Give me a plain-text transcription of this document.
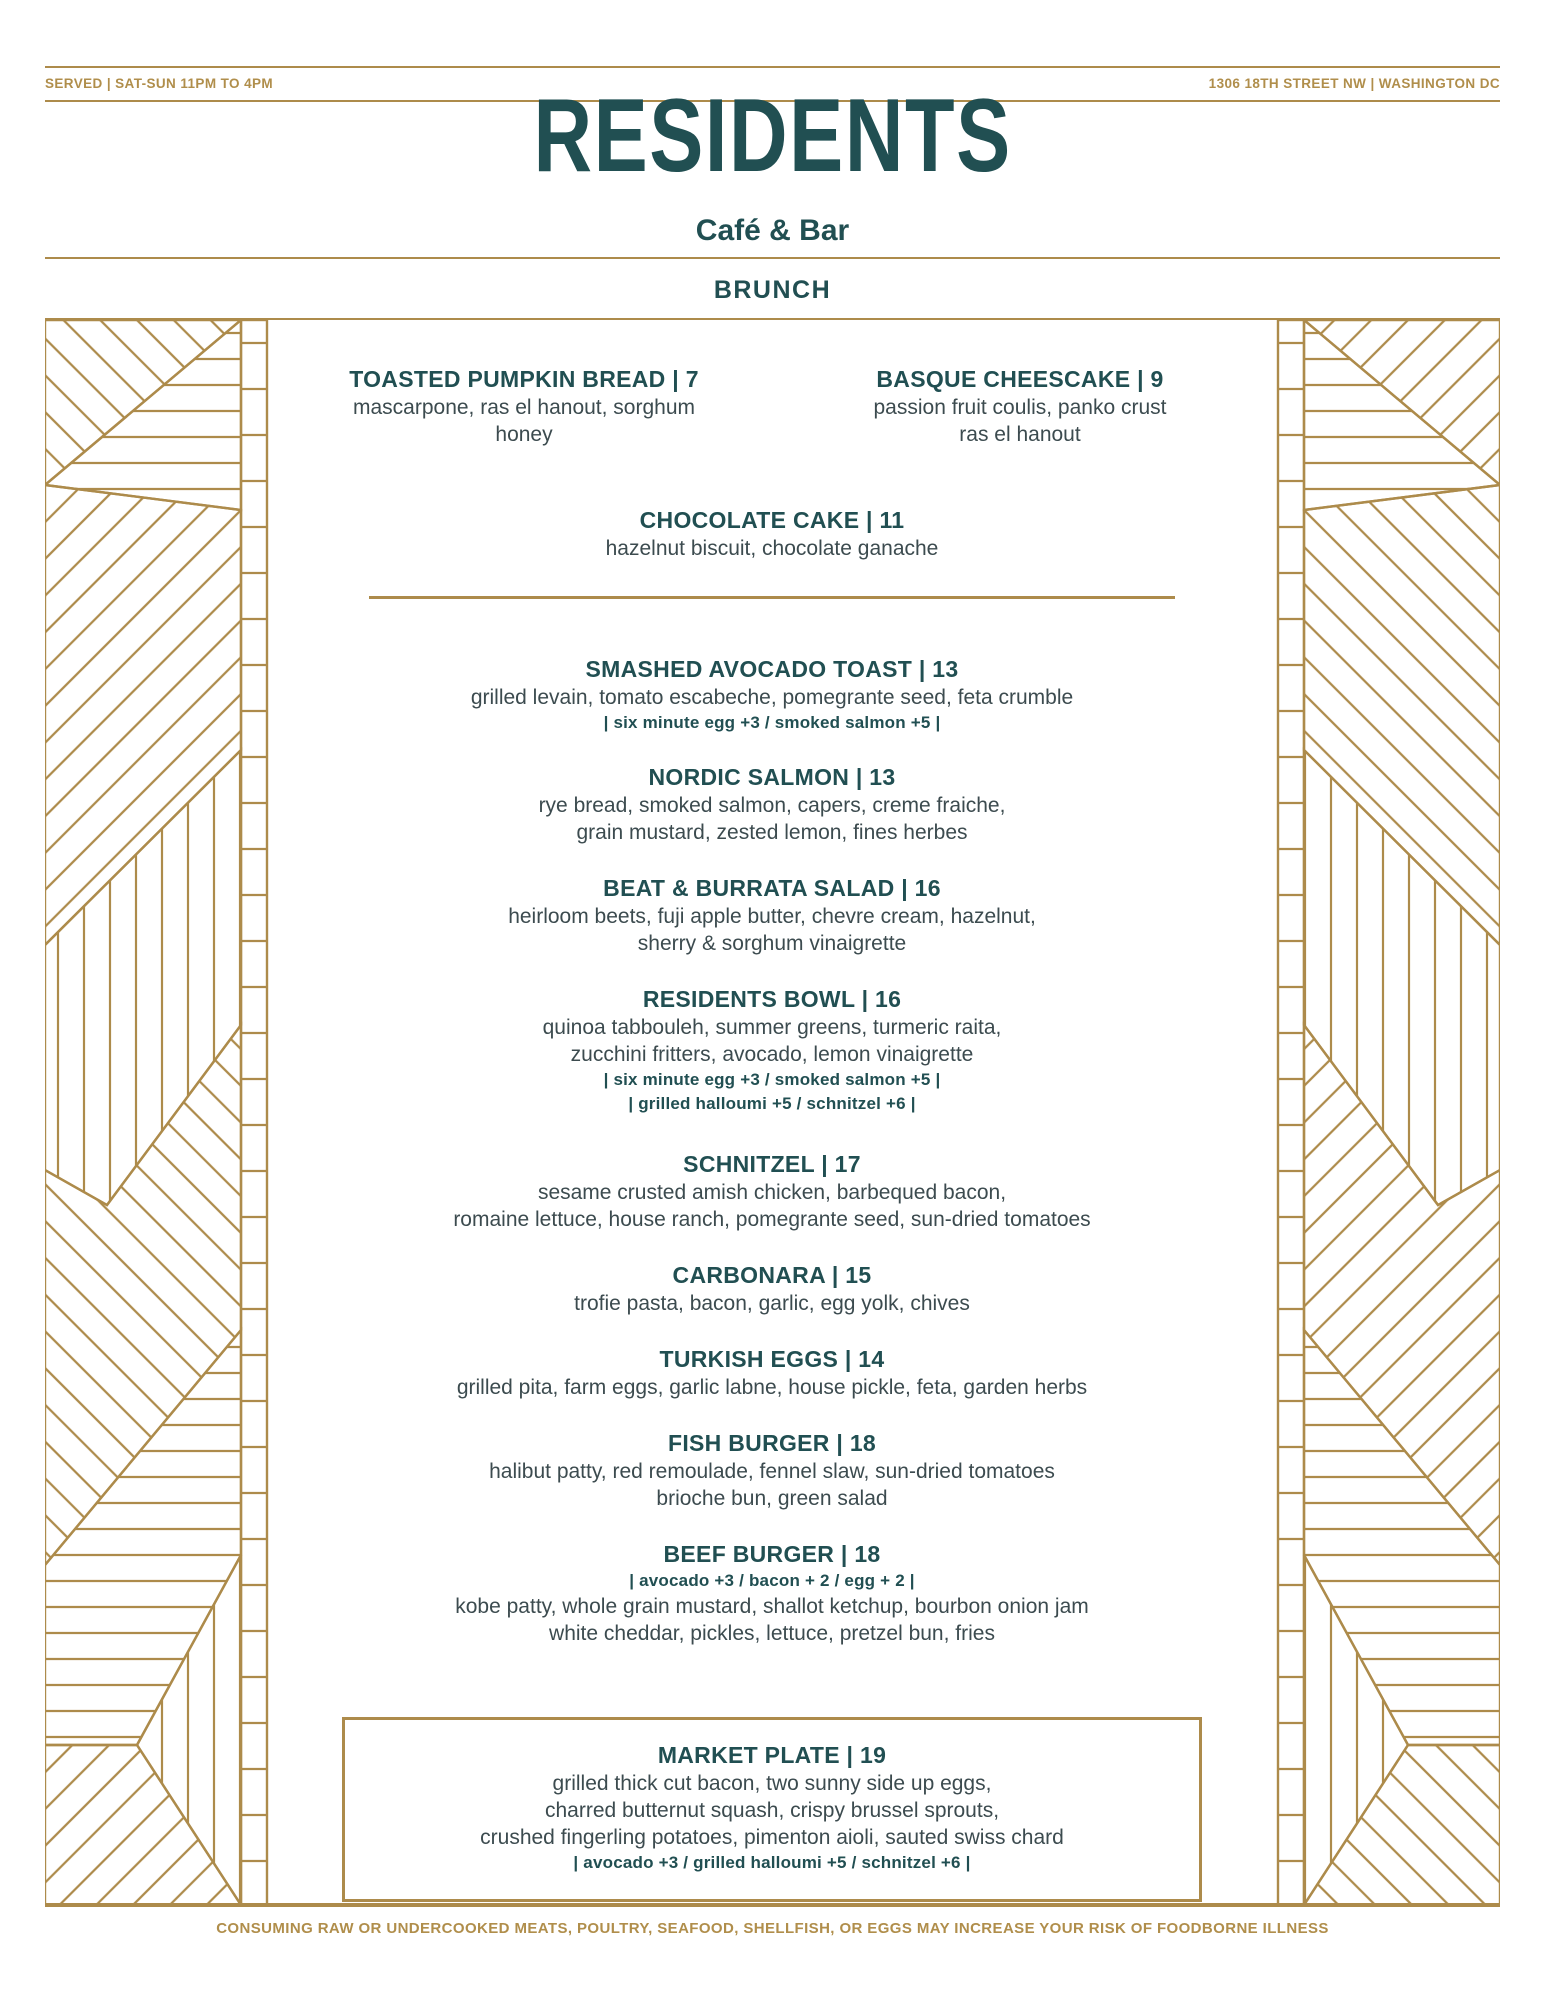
SERVED | SAT-SUN 11PM TO 4PM	1306 18TH STREET NW | WASHINGTON DC
RESIDENTS
Café & Bar
BRUNCH
TOASTED PUMPKIN BREAD | 7
mascarpone, ras el hanout, sorghum
honey
BASQUE CHEESCAKE | 9
passion fruit coulis, panko crust
ras el hanout
CHOCOLATE CAKE | 11
hazelnut biscuit, chocolate ganache
SMASHED AVOCADO TOAST | 13
grilled levain, tomato escabeche, pomegrante seed, feta crumble
| six minute egg +3 / smoked salmon +5 |
NORDIC SALMON | 13
rye bread, smoked salmon, capers, creme fraiche,
grain mustard, zested lemon, fines herbes
BEAT & BURRATA SALAD | 16
heirloom beets, fuji apple butter, chevre cream, hazelnut,
sherry & sorghum vinaigrette
RESIDENTS BOWL | 16
quinoa tabbouleh, summer greens, turmeric raita,
zucchini fritters, avocado, lemon vinaigrette
| six minute egg +3 / smoked salmon +5 |
| grilled halloumi +5 / schnitzel +6 |
SCHNITZEL | 17
sesame crusted amish chicken, barbequed bacon,
romaine lettuce, house ranch, pomegrante seed, sun-dried tomatoes
CARBONARA | 15
trofie pasta, bacon, garlic, egg yolk, chives
TURKISH EGGS | 14
grilled pita, farm eggs, garlic labne, house pickle, feta, garden herbs
FISH BURGER | 18
halibut patty, red remoulade, fennel slaw, sun-dried tomatoes
brioche bun, green salad
BEEF BURGER | 18
| avocado +3 / bacon + 2 / egg + 2 |
kobe patty, whole grain mustard, shallot ketchup, bourbon onion jam
white cheddar, pickles, lettuce, pretzel bun, fries
MARKET PLATE | 19
grilled thick cut bacon, two sunny side up eggs,
charred butternut squash, crispy brussel sprouts,
crushed fingerling potatoes, pimenton aioli, sauted swiss chard
| avocado +3 / grilled halloumi +5 / schnitzel +6 |
CONSUMING RAW OR UNDERCOOKED MEATS, POULTRY, SEAFOOD, SHELLFISH, OR EGGS MAY INCREASE YOUR RISK OF FOODBORNE ILLNESS
